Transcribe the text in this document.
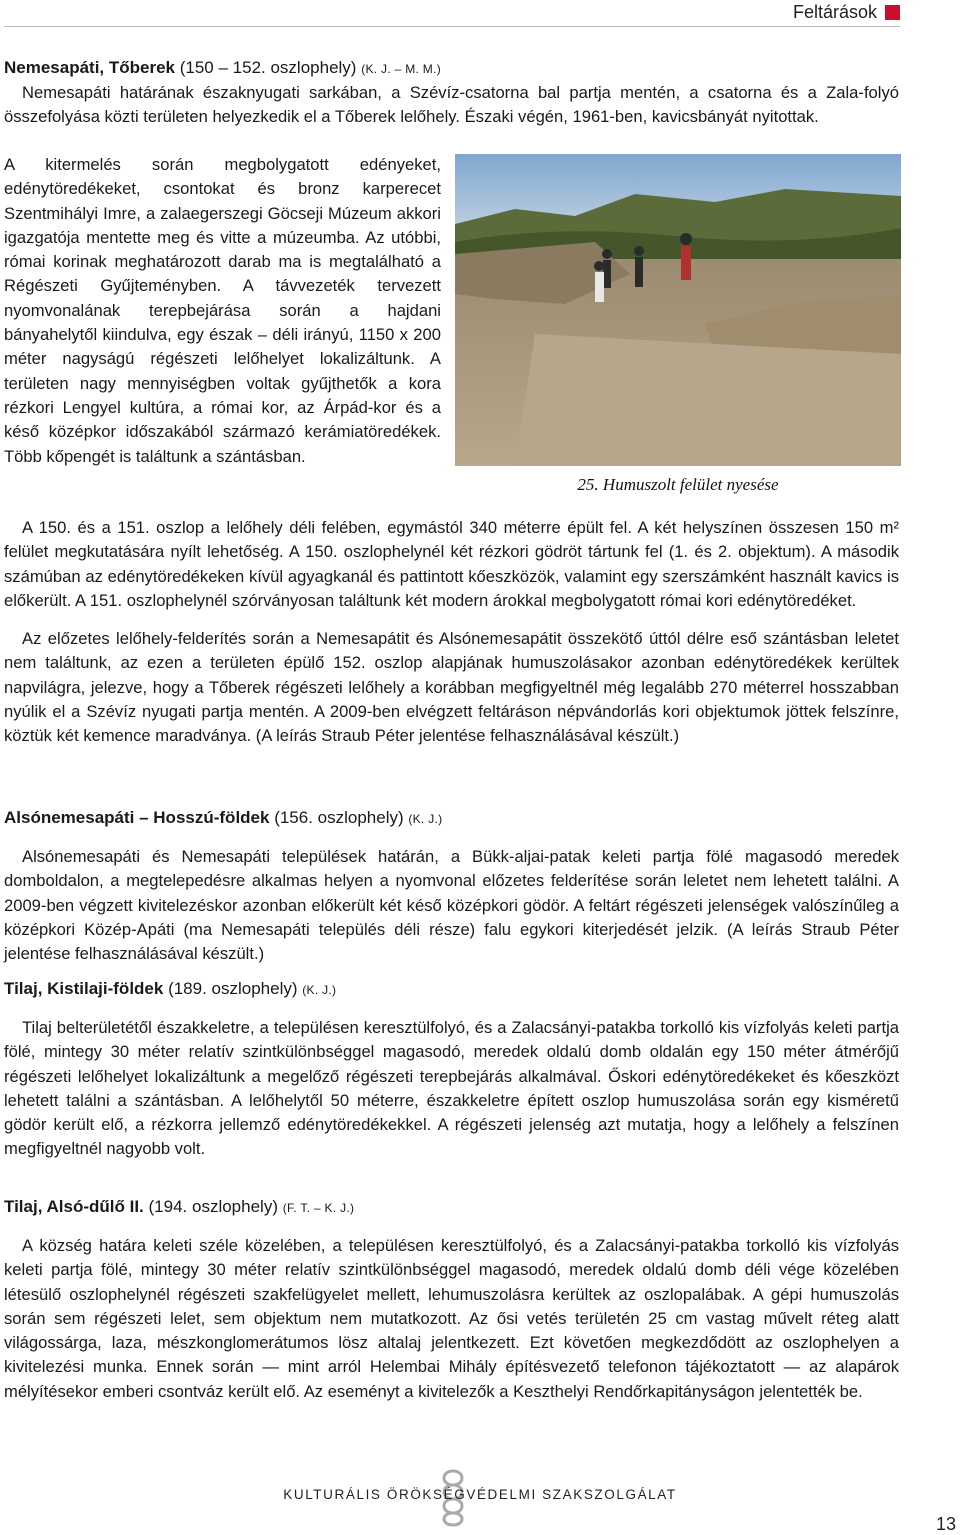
Feltárások
Nemesapáti, Tőberek (150 – 152. oszlophely) (K. J. – M. M.)

Nemesapáti határának északnyugati sarkában, a Szévíz-csatorna bal partja mentén, a csatorna és a Zala-folyó összefolyása közti területen helyezkedik el a Tőberek lelőhely. Északi végén, 1961-ben, kavicsbányát nyitottak.

A kitermelés során megbolygatott edényeket, edénytöredékeket, csontokat és bronz karperecet Szentmihályi Imre, a zalaegerszegi Göcseji Múzeum akkori igazgatója mentette meg és vitte a múzeumba. Az utóbbi, római korinak meghatározott darab ma is megtalálható a Régészeti Gyűjteményben. A távvezeték tervezett nyomvonalának terepbejárása során a hajdani bányahelytől kiindulva, egy észak – déli irányú, 1150 x 200 méter nagyságú régészeti lelőhelyet lokalizáltunk. A területen nagy mennyiségben voltak gyűjthetők a kora rézkori Lengyel kultúra, a római kor, az Árpád-kor és a késő középkor időszakából származó kerámiatöredékek. Több kőpengét is találtunk a szántásban.

25. Humuszolt felület nyesése

A 150. és a 151. oszlop a lelőhely déli felében, egymástól 340 méterre épült fel. A két helyszínen összesen 150 m² felület megkutatására nyílt lehetőség. A 150. oszlophelynél két rézkori gödröt tártunk fel (1. és 2. objektum). A második számúban az edénytöredékeken kívül agyagkanál és pattintott kőeszközök, valamint egy szerszámként használt kavics is előkerült. A 151. oszlophelynél szórványosan találtunk két modern árokkal megbolygatott római kori edénytöredéket.

Az előzetes lelőhely-felderítés során a Nemesapátit és Alsónemesapátit összekötő úttól délre eső szántásban leletet nem találtunk, az ezen a területen épülő 152. oszlop alapjának humuszolásakor azonban edénytöredékek kerültek napvilágra, jelezve, hogy a Tőberek régészeti lelőhely a korábban megfigyeltnél még legalább 270 méterrel hosszabban nyúlik el a Szévíz nyugati partja mentén. A 2009-ben elvégzett feltáráson népvándorlás kori objektumok jöttek felszínre, köztük két kemence maradványa. (A leírás Straub Péter jelentése felhasználásával készült.)

Alsónemesapáti – Hosszú-földek (156. oszlophely) (K. J.)

Alsónemesapáti és Nemesapáti települések határán, a Bükk-aljai-patak keleti partja fölé magasodó meredek domboldalon, a megtelepedésre alkalmas helyen a nyomvonal előzetes felderítése során leletet nem lehetett találni. A 2009-ben végzett kivitelezéskor azonban előkerült két késő középkori gödör. A feltárt régészeti jelenségek valószínűleg a középkori Közép-Apáti (ma Nemesapáti település déli része) falu egykori kiterjedését jelzik. (A leírás Straub Péter jelentése felhasználásával készült.)

Tilaj, Kistilaji-földek (189. oszlophely) (K. J.)

Tilaj belterületétől északkeletre, a településen keresztülfolyó, és a Zalacsányi-patakba torkolló kis vízfolyás keleti partja fölé, mintegy 30 méter relatív szintkülönbséggel magasodó, meredek oldalú domb oldalán egy 150 méter átmérőjű régészeti lelőhelyet lokalizáltunk a megelőző régészeti terepbejárás alkalmával. Őskori edénytöredékeket és kőeszközt lehetett találni a szántásban. A lelőhelytől 50 méterre, északkeletre épített oszlop humuszolása során egy kisméretű gödör került elő, a rézkorra jellemző edénytöredékekkel. A régészeti jelenség azt mutatja, hogy a lelőhely a felszínen megfigyeltnél nagyobb volt.

Tilaj, Alsó-dűlő II. (194. oszlophely) (F. T. – K. J.)

A község határa keleti széle közelében, a településen keresztülfolyó, és a Zalacsányi-patakba torkolló kis vízfolyás keleti partja fölé, mintegy 30 méter relatív szintkülönbséggel magasodó, meredek oldalú domb déli vége közelében létesülő oszlophelynél régészeti szakfelügyelet mellett, lehumuszolásra kerültek az oszlopalábak. A gépi humuszolás során sem régészeti lelet, sem objektum nem mutatkozott. Az ősi vetés területén 25 cm vastag művelt réteg alatt világossárga, laza, mészkonglomerátumos lösz altalaj jelentkezett. Ezt követően megkezdődött az oszlophelyen a kivitelezési munka. Ennek során — mint arról Helembai Mihály építésvezető telefonon tájékoztatott — az alapárok mélyítésekor emberi csontváz került elő. Az eseményt a kivitelezők a Keszthelyi Rendőrkapitányságon jelentették be.

KULTURÁLIS ÖRÖKSÉGVÉDELMI SZAKSZOLGÁLAT
13
